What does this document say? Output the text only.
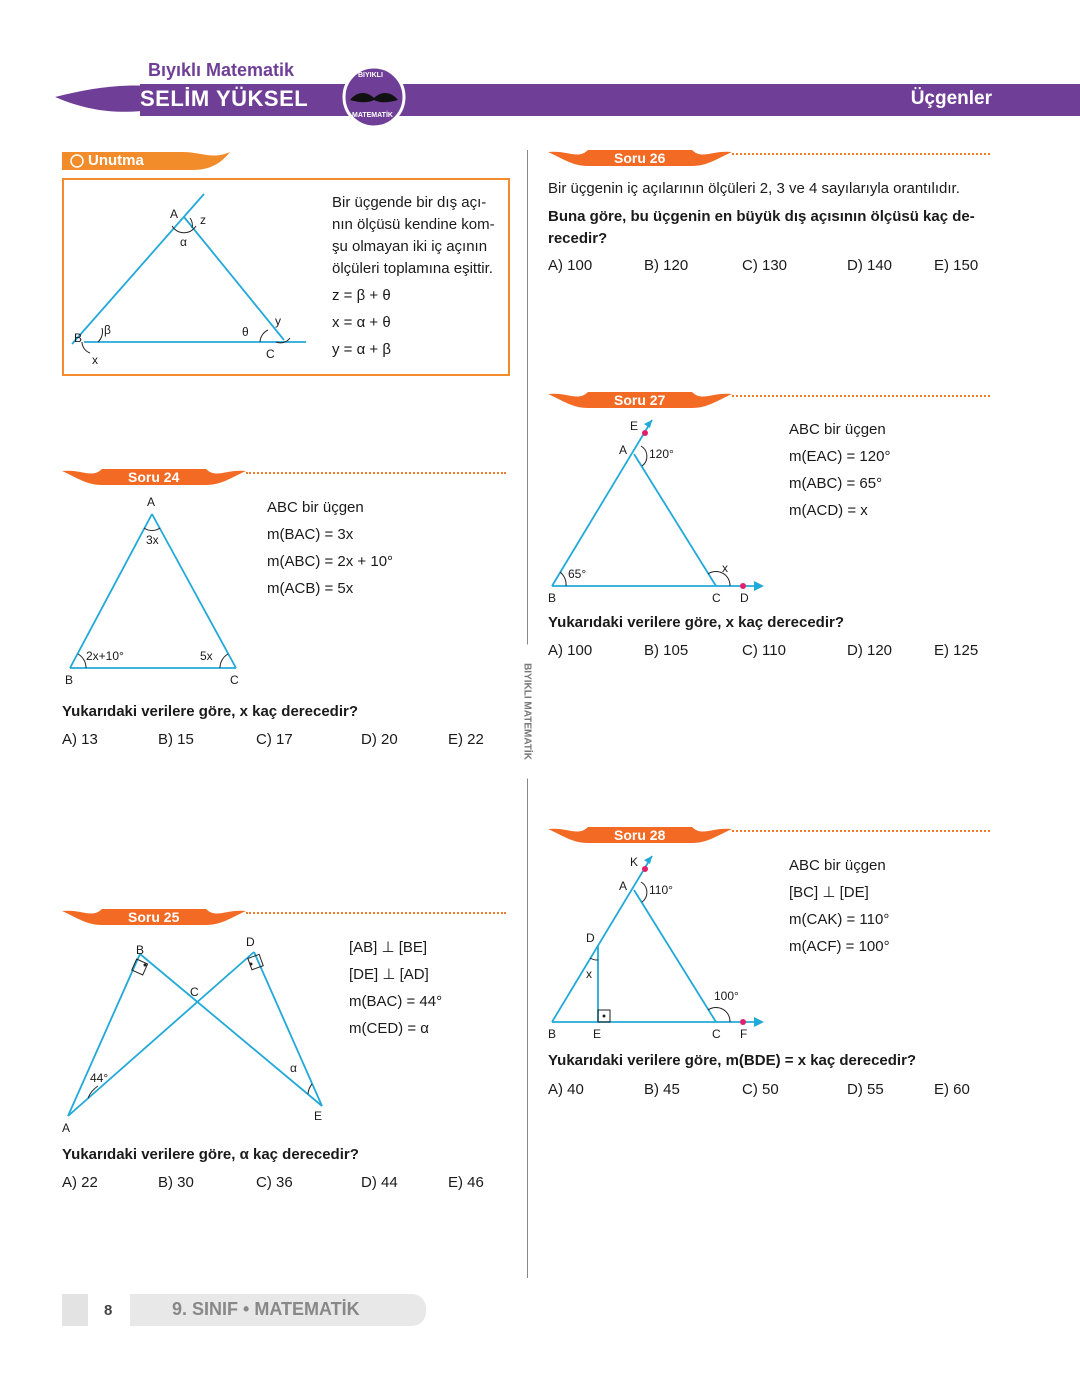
Bıyıklı Matematik
SELİM YÜKSEL
BIYIKLI
MATEMATİK
Üçgenler
Unutma
A z
α
B
β
x
θ
C
y
Bir üçgende bir dış açı-
nın ölçüsü kendine kom-
şu olmayan iki iç açının
ölçüleri toplamına eşittir.
z = β + θ
x = α + θ
y = α + β
Soru 24
A
3x
B
2x+10°
C
5x
ABC bir üçgen
m(BAC) = 3x
m(ABC) = 2x + 10°
m(ACB) = 5x
Yukarıdaki verilere göre, x kaç derecedir?
A) 13	B) 15	C) 17	D) 20	E) 22
Soru 25
A
44°
B
C
D
E
α
[AB] ⊥ [BE]
[DE] ⊥ [AD]
m(BAC) = 44°
m(CED) = α
Yukarıdaki verilere göre, α kaç derecedir?
A) 22	B) 30	C) 36	D) 44	E) 46
BIYIKLI MATEMATİK
Soru 26
Bir üçgenin iç açılarının ölçüleri 2, 3 ve 4 sayılarıyla orantılıdır.
Buna göre, bu üçgenin en büyük dış açısının ölçüsü kaç de-
recedir?
A) 100	B) 120	C) 130	D) 140	E) 150
Soru 27
E
A 120°
65°
B	C
x
D
ABC bir üçgen
m(EAC) = 120°
m(ABC) = 65°
m(ACD) = x
Yukarıdaki verilere göre, x kaç derecedir?
A) 100	B) 105	C) 110	D) 120	E) 125
Soru 28
K
A 110°
D
x
B	E	C
100°
F
ABC bir üçgen
[BC] ⊥ [DE]
m(CAK) = 110°
m(ACF) = 100°
Yukarıdaki verilere göre, m(BDE) = x kaç derecedir?
A) 40	B) 45	C) 50	D) 55	E) 60
8	9. SINIF • MATEMATİK
